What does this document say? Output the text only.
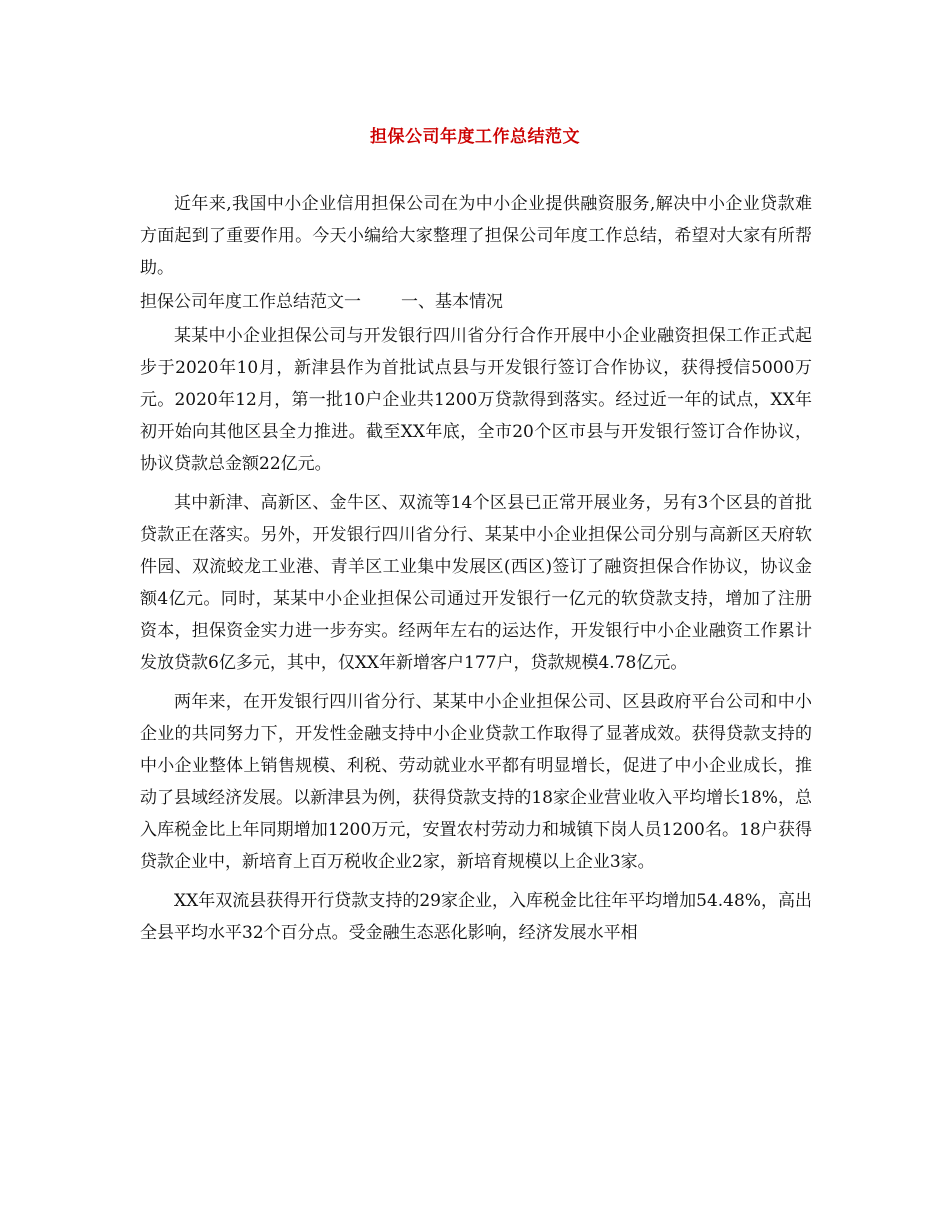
担保公司年度工作总结范文

近年来,我国中小企业信用担保公司在为中小企业提供融资服务,解决中小企业贷款难方面起到了重要作用。今天小编给大家整理了担保公司年度工作总结，希望对大家有所帮助。

担保公司年度工作总结范文一 一、基本情况

某某中小企业担保公司与开发银行四川省分行合作开展中小企业融资担保工作正式起步于2020年10月，新津县作为首批试点县与开发银行签订合作协议，获得授信5000万元。2020年12月，第一批10户企业共1200万贷款得到落实。经过近一年的试点，XX年初开始向其他区县全力推进。截至XX年底，全市20个区市县与开发银行签订合作协议，协议贷款总金额22亿元。

其中新津、高新区、金牛区、双流等14个区县已正常开展业务，另有3个区县的首批贷款正在落实。另外，开发银行四川省分行、某某中小企业担保公司分别与高新区天府软件园、双流蛟龙工业港、青羊区工业集中发展区(西区)签订了融资担保合作协议，协议金额4亿元。同时，某某中小企业担保公司通过开发银行一亿元的软贷款支持，增加了注册资本，担保资金实力进一步夯实。经两年左右的运达作，开发银行中小企业融资工作累计发放贷款6亿多元，其中，仅XX年新增客户177户，贷款规模4.78亿元。

两年来，在开发银行四川省分行、某某中小企业担保公司、区县政府平台公司和中小企业的共同努力下，开发性金融支持中小企业贷款工作取得了显著成效。获得贷款支持的中小企业整体上销售规模、利税、劳动就业水平都有明显增长，促进了中小企业成长，推动了县域经济发展。以新津县为例，获得贷款支持的18家企业营业收入平均增长18%，总入库税金比上年同期增加1200万元，安置农村劳动力和城镇下岗人员1200名。18户获得贷款企业中，新培育上百万税收企业2家，新培育规模以上企业3家。

XX年双流县获得开行贷款支持的29家企业，入库税金比往年平均增加54.48%，高出全县平均水平32个百分点。受金融生态恶化影响，经济发展水平相
